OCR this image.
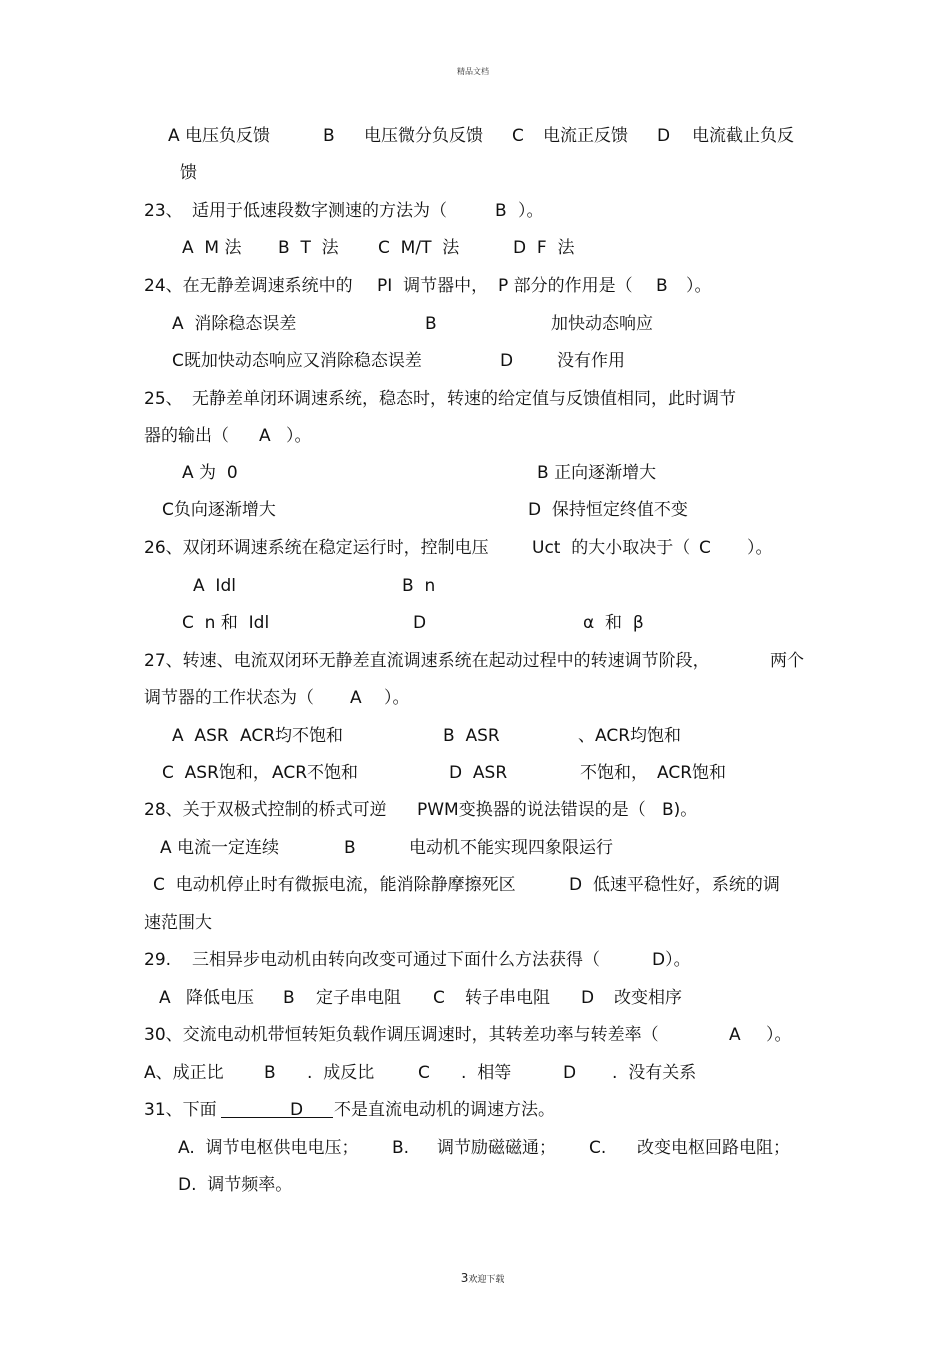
精品文档
A 电压负反馈	B 电压微分负反馈 C 电流正反馈 D 电流截止负反
馈
23、 适用于低速段数字测速的方法为（	B ）。
A  M 法 B  T  法 C  M/T  法	D  F  法
24、在无静差调速系统中的 PI  调节器中， P 部分的作用是（ B ）。
A  消除稳态误差	B	加快动态响应
C既加快动态响应又消除稳态误差	D	没有作用
25、 无静差单闭环调速系统，稳态时，转速的给定值与反馈值相同，此时调节
器的输出（ A ）。
A 为  0	B 正向逐渐增大
C负向逐渐增大	D  保持恒定终值不变
26、双闭环调速系统在稳定运行时，控制电压	Uct  的大小取决于（ C ）。
A  Idl	B  n
C  n 和  Idl	D	α  和  β
27、转速、电流双闭环无静差直流调速系统在起动过程中的转速调节阶段，	两个
调节器的工作状态为（ A ）。
A  ASR ACR均不饱和	B  ASR	、ACR均饱和
C  ASR饱和， ACR不饱和	D  ASR	不饱和， ACR饱和
28、关于双极式控制的桥式可逆 PWM变换器的说法错误的是（ B)。
A 电流一定连续	B	电动机不能实现四象限运行
C  电动机停止时有微振电流，能消除静摩擦死区	D  低速平稳性好，系统的调
速范围大
29. 三相异步电动机由转向改变可通过下面什么方法获得（	D）。
A 降低电压 B 定子串电阻 C 转子串电阻 D 改变相序
30、交流电动机带恒转矩负载作调压调速时，其转差功率与转差率（	A ）。
A、成正比 B .  成反比	C .  相等	D .  没有关系
31、下面	D 不是直流电动机的调速方法。
A.  调节电枢供电电压； B. 调节励磁磁通； C. 改变电枢回路电阻；
D.  调节频率。

3欢迎下载
